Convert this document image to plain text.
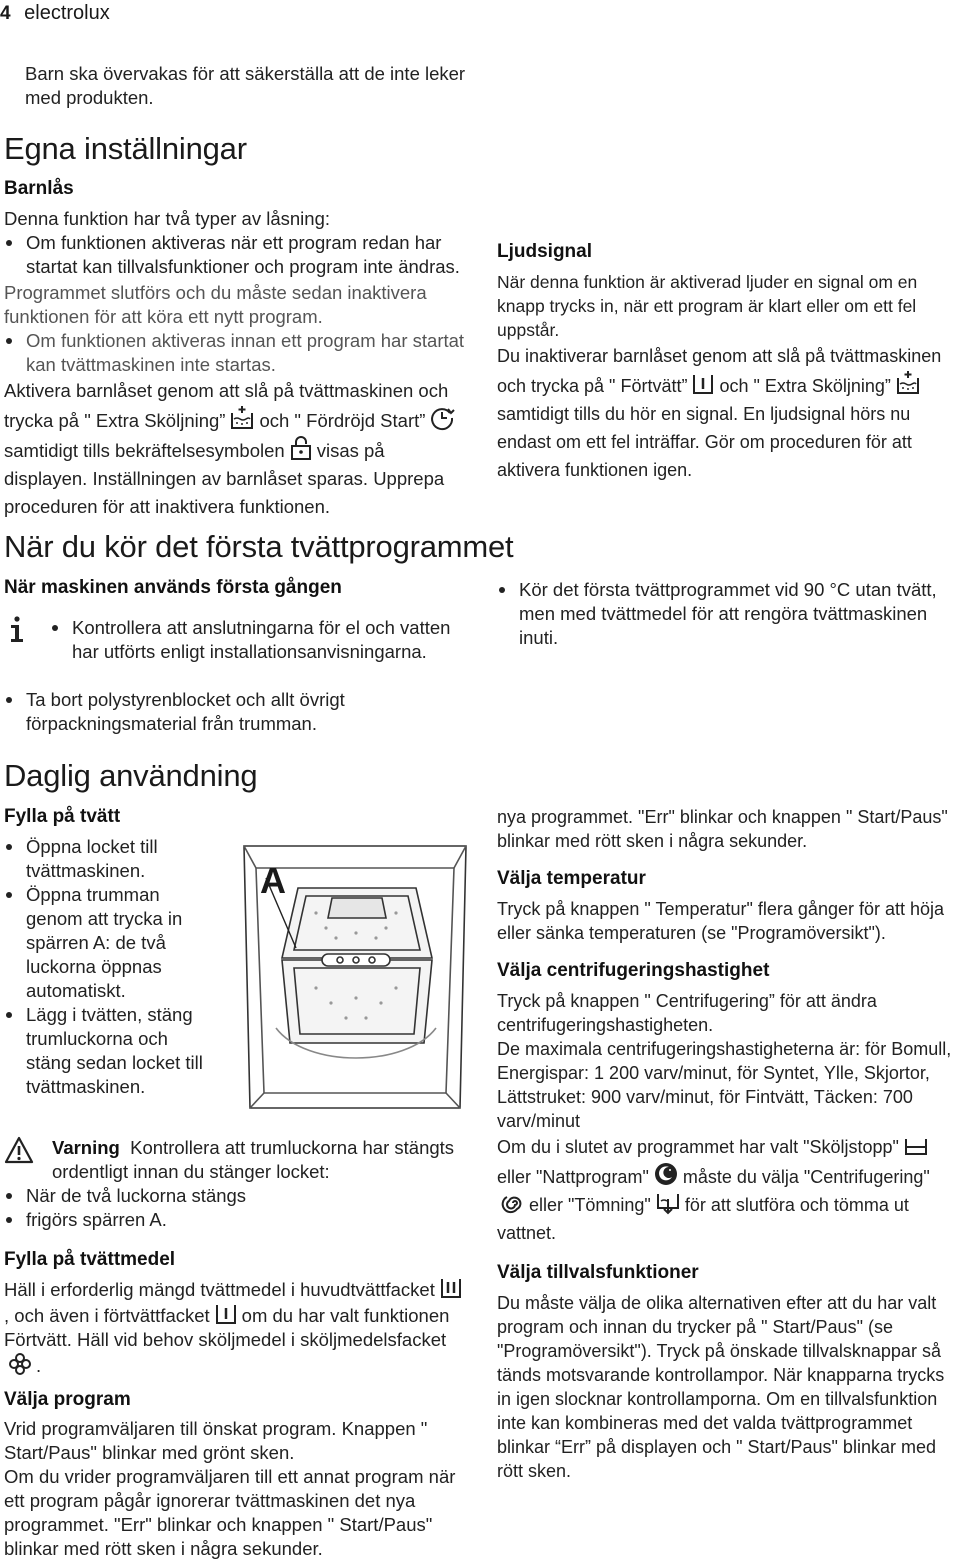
4 electrolux

Barn ska övervakas för att säkerställa att de inte leker med produkten.

Egna inställningar
Barnlås

Denna funktion har två typer av låsning:

Om funktionen aktiveras när ett program redan har startat kan tillvalsfunktioner och program inte ändras.

Programmet slutförs och du måste sedan inaktivera funktionen för att köra ett nytt program.
Om funktionen aktiveras innan ett program har startat kan tvättmaskinen inte startas.

Aktivera barnlåset genom att slå på tvättmaskinen och trycka på " Extra Sköljning” och " Fördröjd Start”
samtidigt tills bekräftelsesymbolen visas på displayen. Inställningen av barnlåset sparas. Upprepa proceduren för att inaktivera funktionen.

Ljudsignal

När denna funktion är aktiverad ljuder en signal om en knapp trycks in, när ett program är klart eller om ett fel uppstår.

Du inaktiverar barnlåset genom att slå på tvättmaskinen och trycka på " Förtvätt” och " Extra Sköljning”
samtidigt tills du hör en signal. En ljudsignal hörs nu endast om ett fel inträffar. Gör om proceduren för att aktivera funktionen igen.

När du kör det första tvättprogrammet
När maskinen används första gången
Kontrollera att anslutningarna för el och vatten har utförts enligt installationsanvisningarna.
Ta bort polystyrenblocket och allt övrigt förpackningsmaterial från trumman.
Kör det första tvättprogrammet vid 90 °C utan tvätt, men med tvättmedel för att rengöra tvättmaskinen inuti.
Daglig användning
Fylla på tvätt
Öppna locket till tvättmaskinen.
Öppna trumman genom att trycka in spärren A: de två luckorna öppnas automatiskt.
Lägg i tvätten, stäng trumluckorna och stäng sedan locket till tvättmaskinen.
A

Varning Kontrollera att trumluckorna har stängts ordentligt innan du stänger locket:

När de två luckorna stängs
frigörs spärren A.
Fylla på tvättmedel

Häll i erforderlig mängd tvättmedel i huvudtvättfacket
, och även i förtvättfacket om du har valt funktionen Förtvätt. Häll vid behov sköljmedel i sköljmedelsfacket
.

Välja program

Vrid programväljaren till önskat program. Knappen " Start/Paus" blinkar med grönt sken.

Om du vrider programväljaren till ett annat program när ett program pågår ignorerar tvättmaskinen det nya programmet. "Err" blinkar och knappen " Start/Paus" blinkar med rött sken i några sekunder.

nya programmet. "Err" blinkar och knappen " Start/Paus" blinkar med rött sken i några sekunder.

Välja temperatur

Tryck på knappen " Temperatur" flera gånger för att höja eller sänka temperaturen (se "Programöversikt").

Välja centrifugeringshastighet

Tryck på knappen " Centrifugering” för att ändra centrifugeringshastigheten.

De maximala centrifugeringshastigheterna är: för Bomull, Energispar: 1 200 varv/minut, för Syntet, Ylle, Skjortor, Lättstruket: 900 varv/minut, för Fintvätt, Täcken: 700 varv/minut

Om du i slutet av programmet har valt "Sköljstopp"
eller "Nattprogram" måste du välja "Centrifugering"
eller "Tömning" för att slutföra och tömma ut vattnet.

Välja tillvalsfunktioner

Du måste välja de olika alternativen efter att du har valt program och innan du trycker på " Start/Paus" (se "Programöversikt"). Tryck på önskade tillvalsknappar så tänds motsvarande kontrollampor. När knapparna trycks in igen slocknar kontrollamporna. Om en tillvalsfunktion inte kan kombineras med det valda tvättprogrammet blinkar “Err” på displayen och " Start/Paus" blinkar med rött sken.
